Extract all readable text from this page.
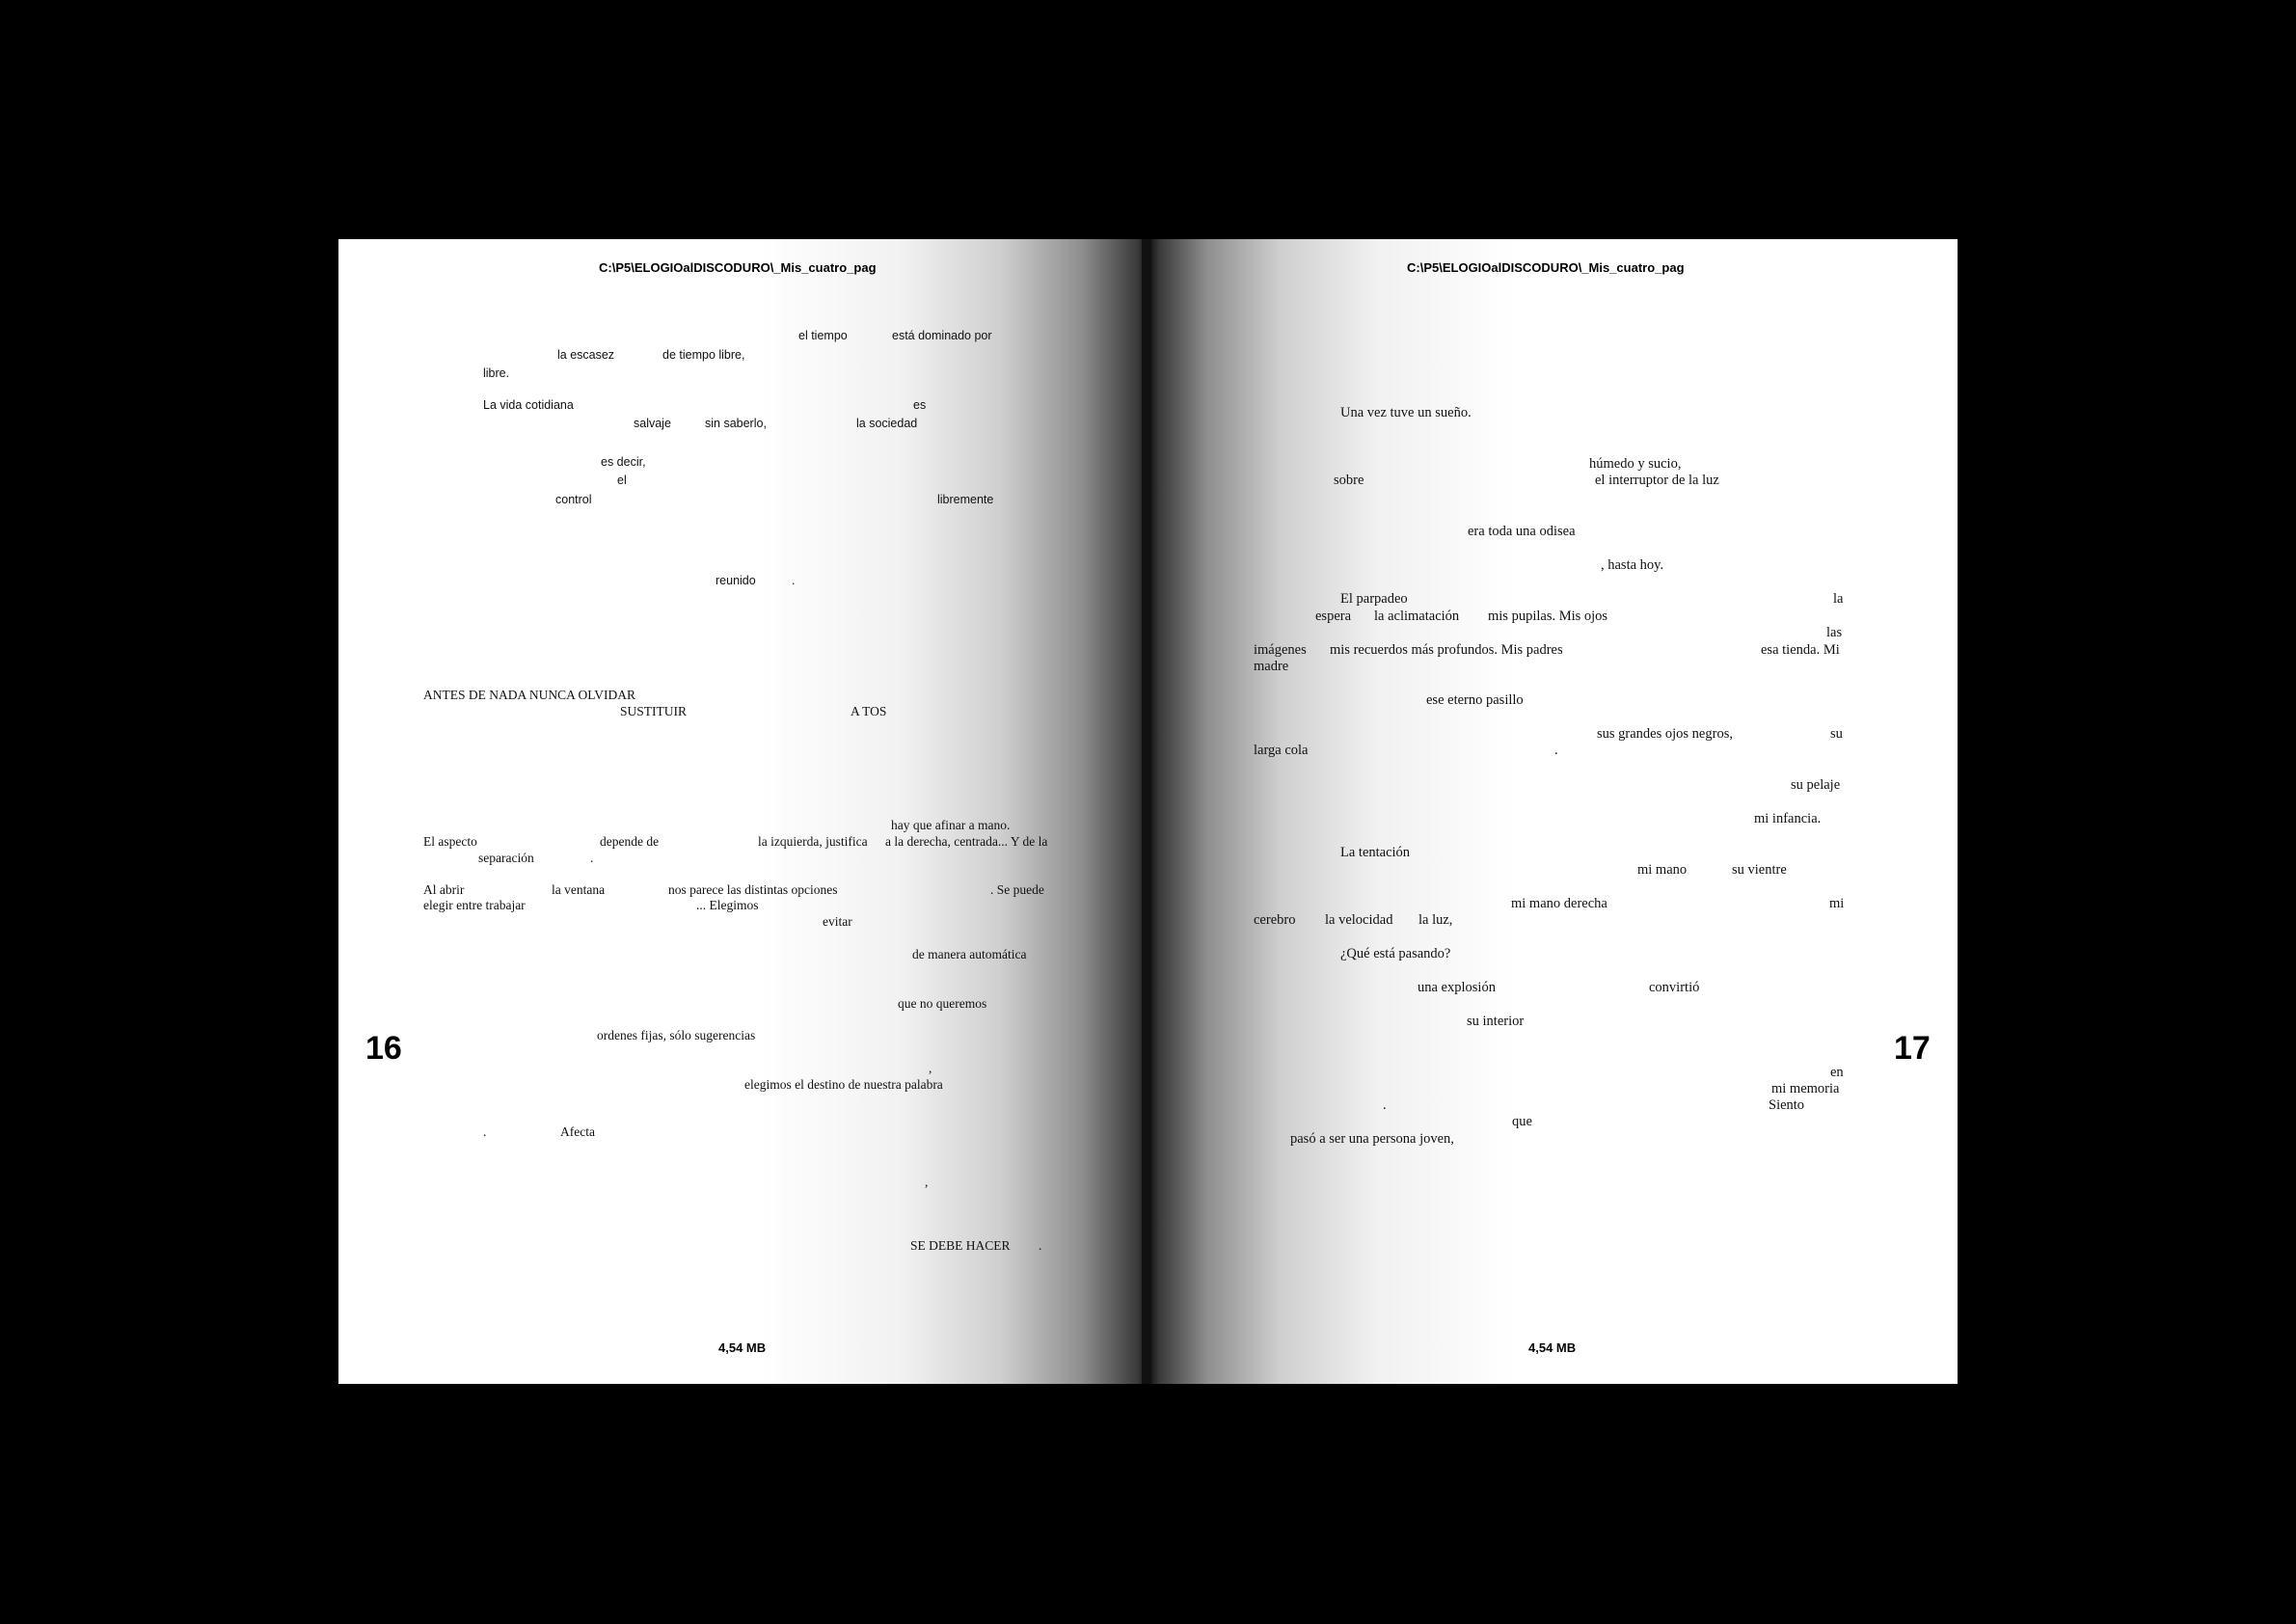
C:\P5\ELOGIOalDISCODURO\_Mis_cuatro_pag
16
4,54 MB
el tiempo	está dominado por
la escasez	de tiempo libre,
libre.
La vida cotidiana	es
salvaje	sin saberlo,	la sociedad
es decir,
el
control	libremente
reunido	.
ANTES DE NADA NUNCA OLVIDAR
SUSTITUIR	A TOS
hay que afinar a mano.
El aspecto	depende de	la izquierda, justifica a la derecha, centrada... Y de la
separación	.
Al abrir	la ventana	nos parece las distintas opciones	. Se puede
elegir entre trabajar	... Elegimos
evitar
de manera automática
que no queremos
ordenes fijas, sólo sugerencias
,
elegimos el destino de nuestra palabra
.	Afecta
,
SE DEBE HACER .
C:\P5\ELOGIOalDISCODURO\_Mis_cuatro_pag
17
4,54 MB
Una vez tuve un sueño.
húmedo y sucio,
sobre	el interruptor de la luz
era toda una odisea
, hasta hoy.
El parpadeo	la
espera la aclimatación mis pupilas. Mis ojos
las
imágenes mis recuerdos más profundos. Mis padres	esa tienda. Mi
madre
ese eterno pasillo
sus grandes ojos negros,	su
larga cola	.
su pelaje
mi infancia.
La tentación
mi mano	su vientre
mi mano derecha	mi
cerebro la velocidad la luz,
¿Qué está pasando?
una explosión	convirtió
su interior
en
mi memoria
.	Siento
que
pasó a ser una persona joven,
